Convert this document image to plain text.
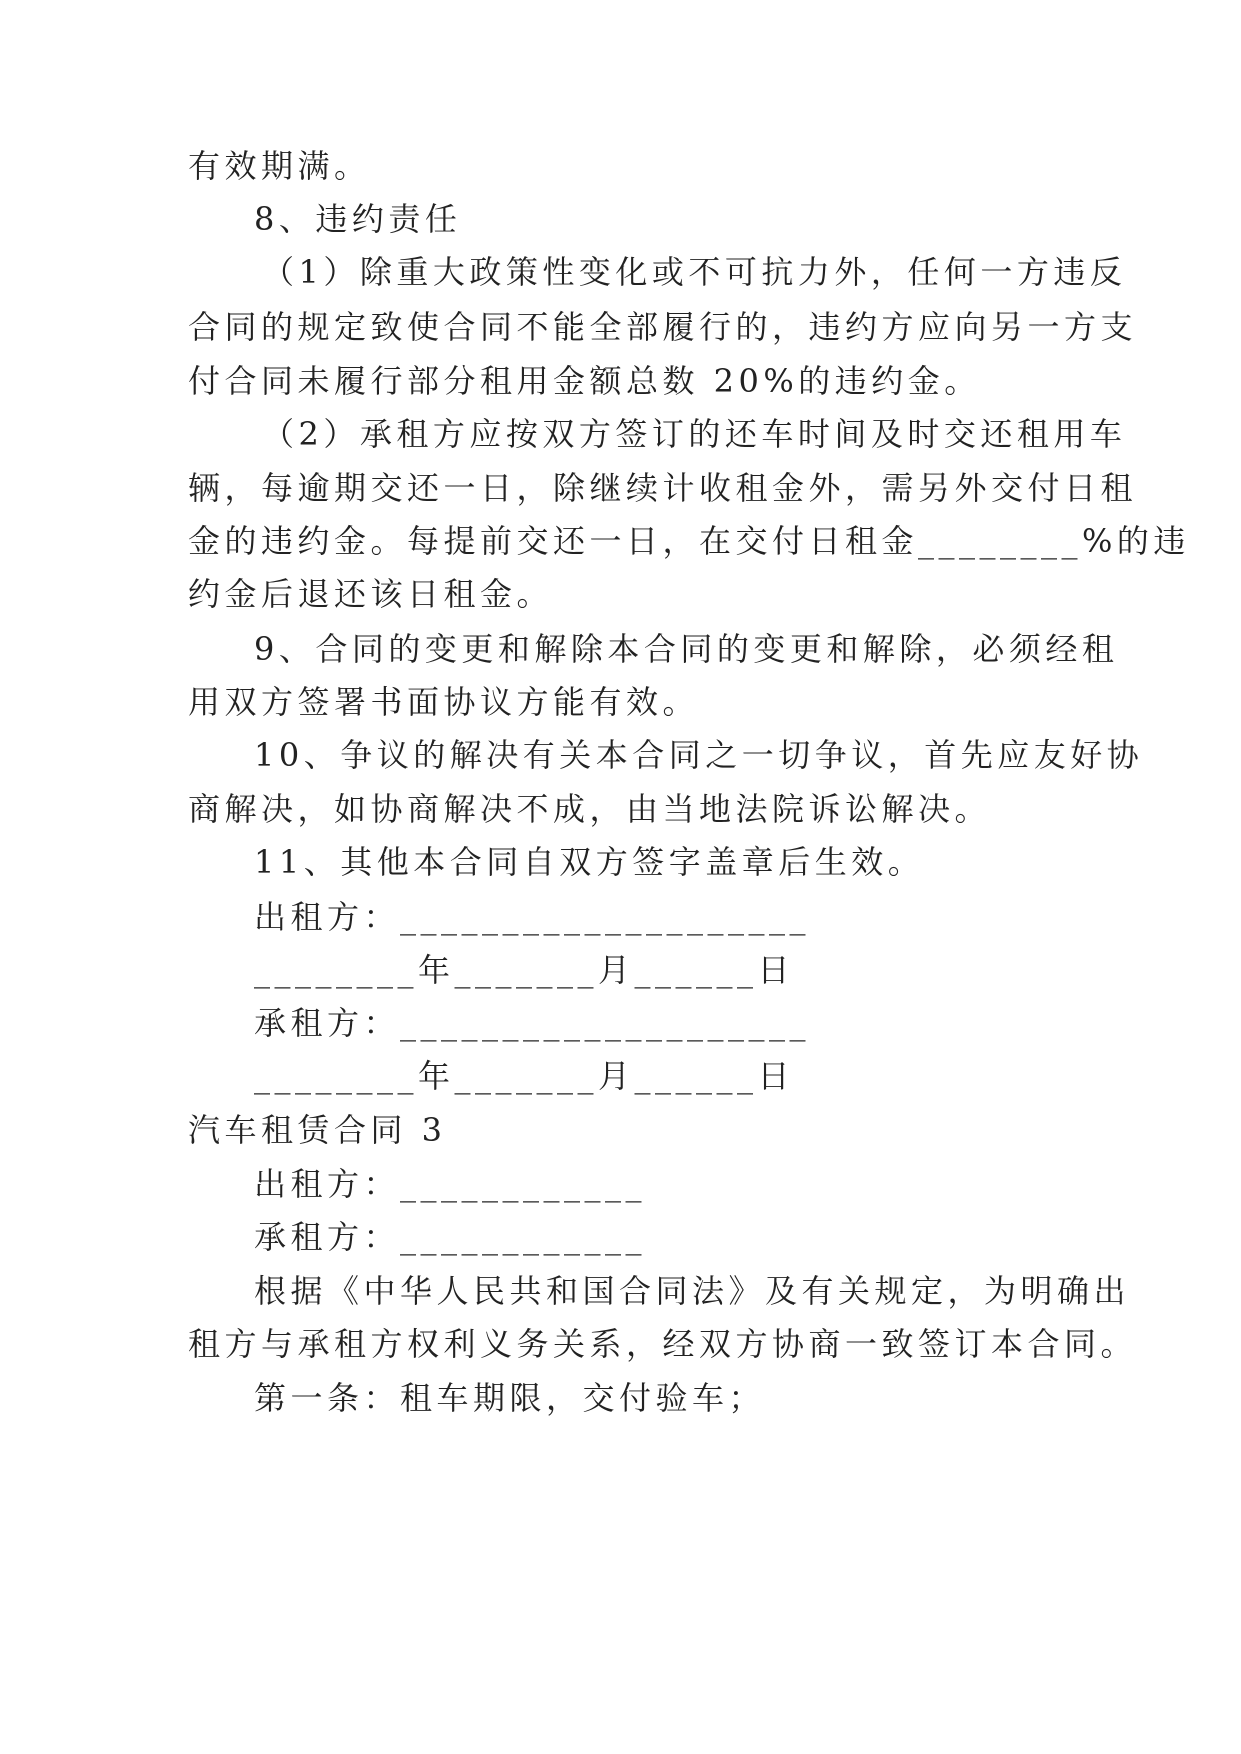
有效期满。
8、违约责任
（1）除重大政策性变化或不可抗力外，任何一方违反
合同的规定致使合同不能全部履行的，违约方应向另一方支
付合同未履行部分租用金额总数 20%的违约金。
（2）承租方应按双方签订的还车时间及时交还租用车
辆，每逾期交还一日，除继续计收租金外，需另外交付日租
金的违约金。每提前交还一日，在交付日租金________%的违
约金后退还该日租金。
9、合同的变更和解除本合同的变更和解除，必须经租
用双方签署书面协议方能有效。
10、争议的解决有关本合同之一切争议，首先应友好协
商解决，如协商解决不成，由当地法院诉讼解决。
11、其他本合同自双方签字盖章后生效。
出租方：____________________
________年_______月______日
承租方：____________________
________年_______月______日
汽车租赁合同 3
出租方：____________
承租方：____________
根据《中华人民共和国合同法》及有关规定，为明确出
租方与承租方权利义务关系，经双方协商一致签订本合同。
第一条：租车期限，交付验车；
